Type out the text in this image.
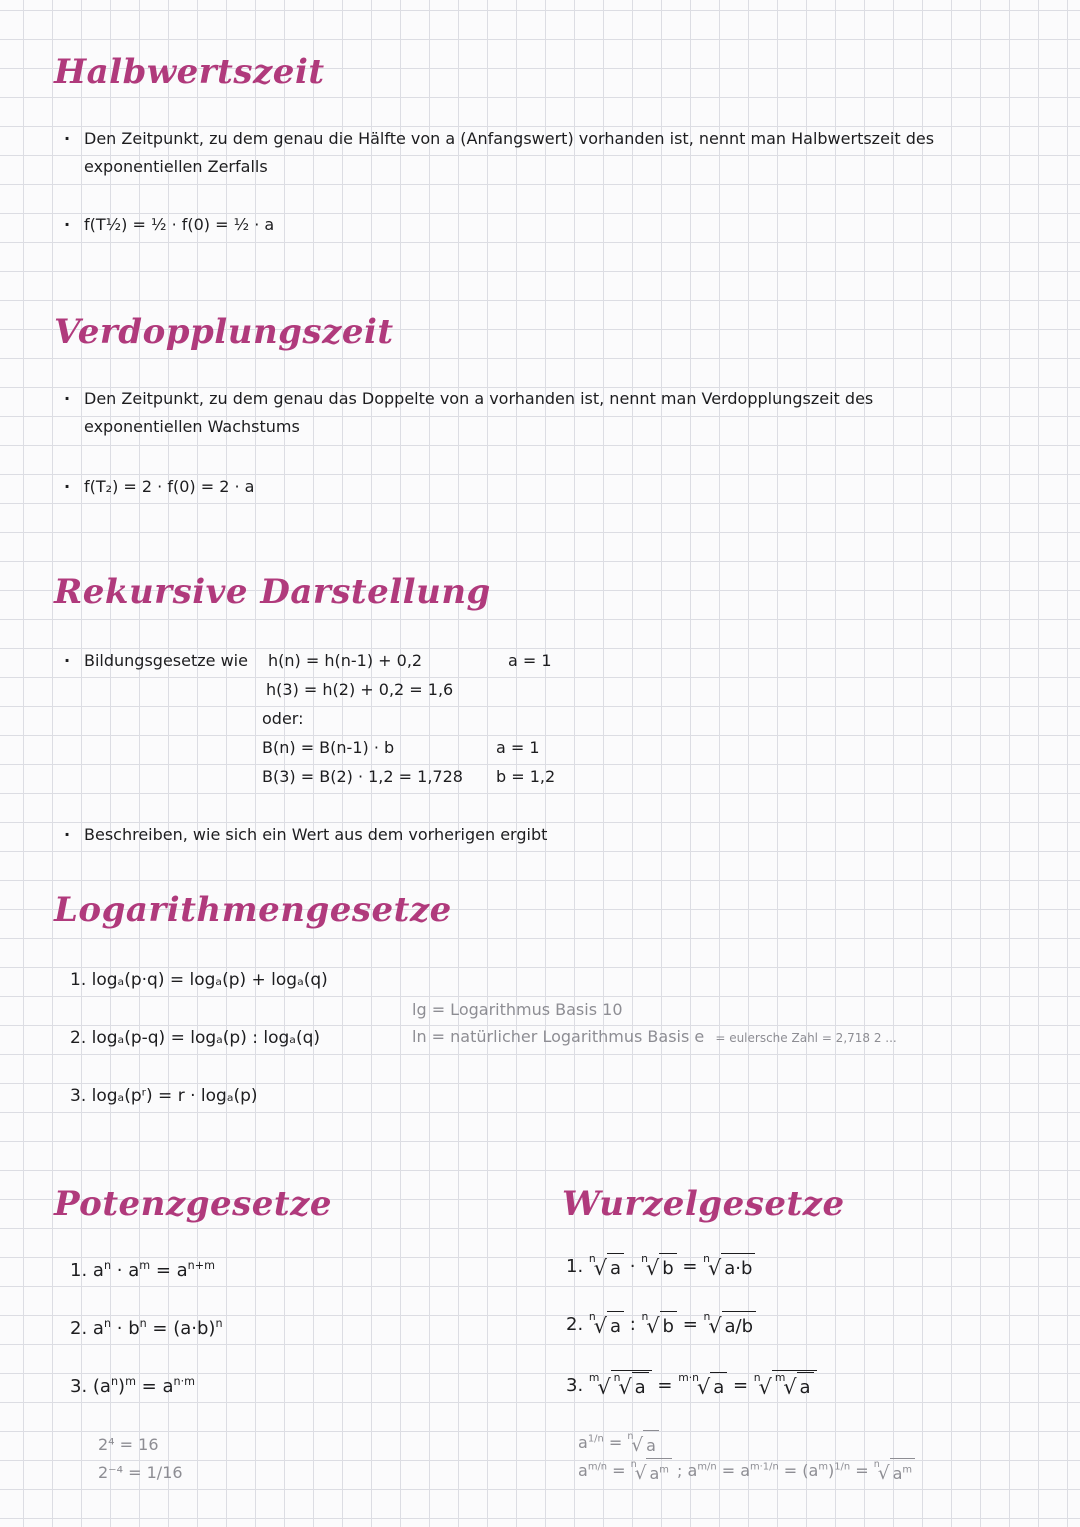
Halbwertszeit
· Den Zeitpunkt, zu dem genau die Hälfte von a (Anfangswert) vorhanden ist, nennt man Halbwertszeit des
exponentiellen Zerfalls
· f(T½) = ½ · f(0) = ½ · a
Verdopplungszeit
· Den Zeitpunkt, zu dem genau das Doppelte von a vorhanden ist, nennt man Verdopplungszeit des
exponentiellen Wachstums
· f(T₂) = 2 · f(0) = 2 · a
Rekursive Darstellung
· Bildungsgesetze wie h(n) = h(n-1) + 0,2	a = 1
h(3) = h(2) + 0,2 = 1,6
oder:
B(n) = B(n-1) · b	a = 1
B(3) = B(2) · 1,2 = 1,728 b = 1,2
· Beschreiben, wie sich ein Wert aus dem vorherigen ergibt
Logarithmengesetze
1. logₐ(p·q) = logₐ(p) + logₐ(q)
2. logₐ(p-q) = logₐ(p) : logₐ(q)
3. logₐ(pʳ) = r · logₐ(p)
lg = Logarithmus Basis 10
ln = natürlicher Logarithmus Basis e = eulersche Zahl = 2,718 2 ...
Potenzgesetze
1. $a^n \cdot a^m = a^{n+m}$
2. $a^n \cdot b^n = (a\cdot b)^n$
3. $(a^n)^m = a^{n\cdot m}$
2⁴ = 16
2⁻⁴ = 1/16
Wurzelgesetze
1. n
√ a · n
√ b = n
√ a·b
2. n
√ a : n
√ b = n
√ a/b
3. m
√ n
√ a = m·n
√ a = n
√ m
√ a
$a^{1/n} = n$
√ a
$a^{m/n} = n$
√ $a^m$ ; $a^{m/n} = a^{m\cdot 1/n} = (a^m)^{1/n} = n$
√ $a^m$
